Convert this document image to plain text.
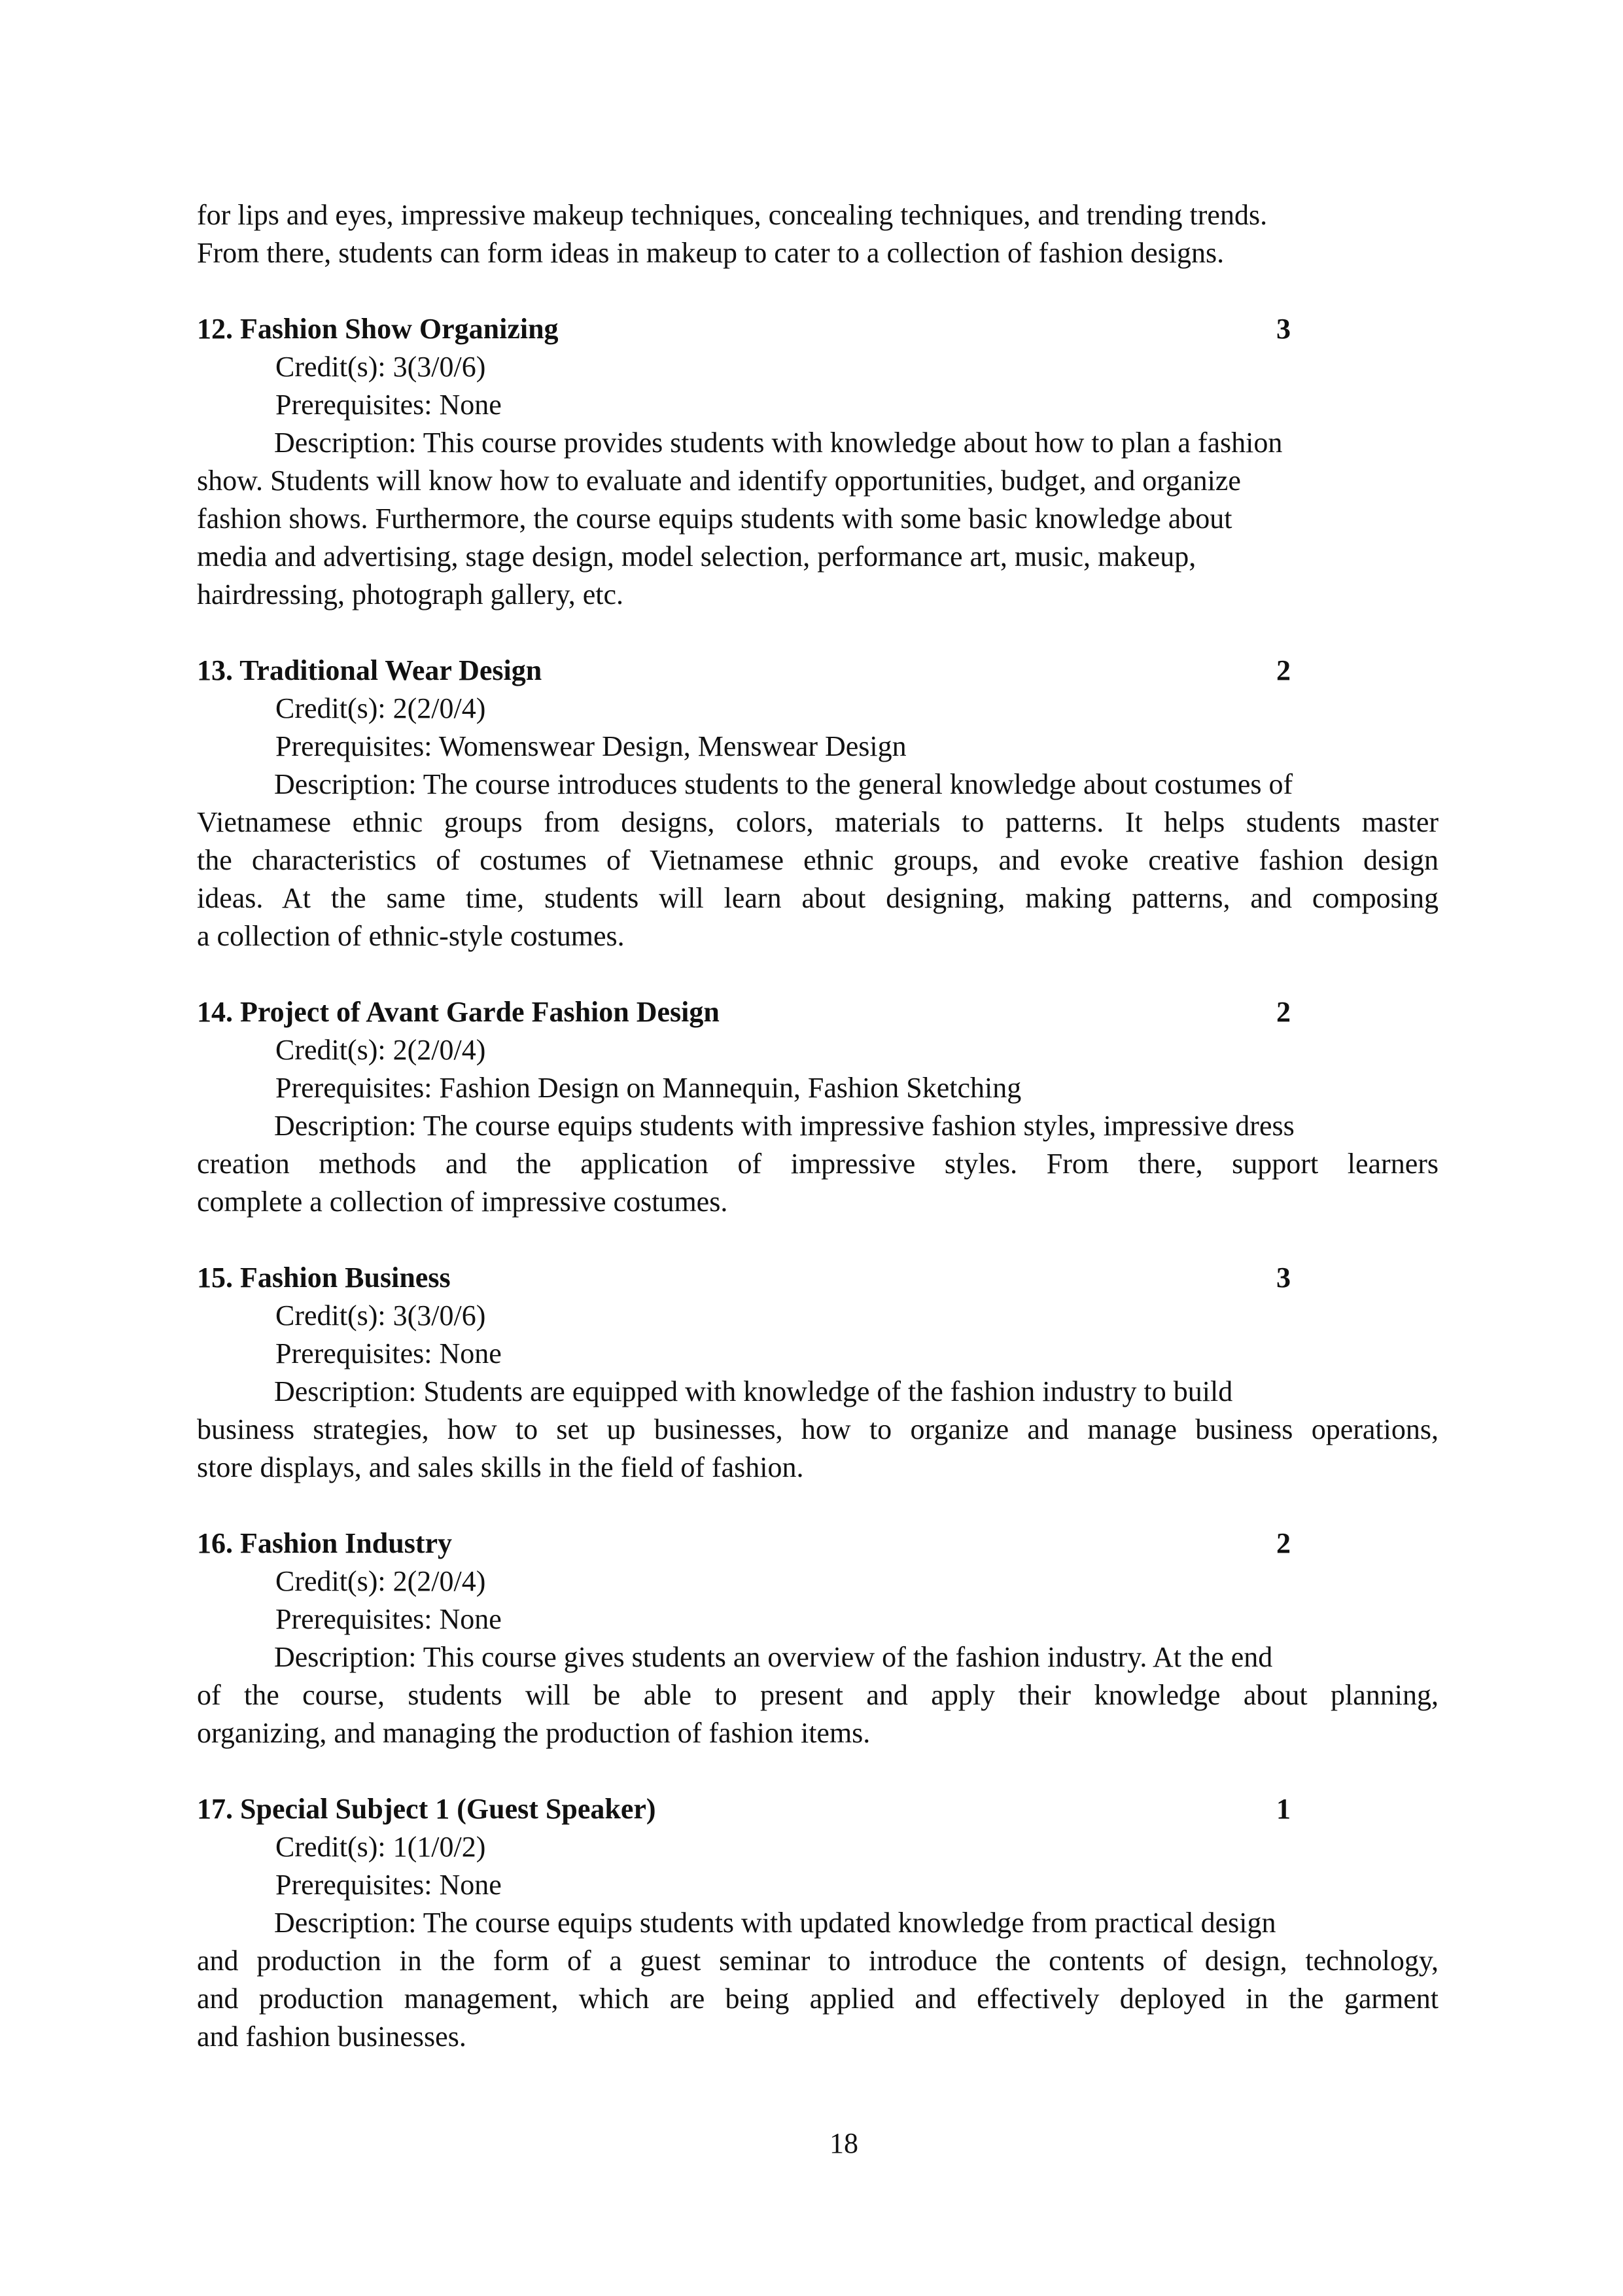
for lips and eyes, impressive makeup techniques, concealing techniques, and trending trends.
From there, students can form ideas in makeup to cater to a collection of fashion designs.
12. Fashion Show Organizing	3
Credit(s): 3(3/0/6)
Prerequisites: None
Description: This course provides students with knowledge about how to plan a fashion
show. Students will know how to evaluate and identify opportunities, budget, and organize
fashion shows. Furthermore, the course equips students with some basic knowledge about
media and advertising, stage design, model selection, performance art, music, makeup,
hairdressing, photograph gallery, etc.
13. Traditional Wear Design	2
Credit(s): 2(2/0/4)
Prerequisites: Womenswear Design, Menswear Design
Description: The course introduces students to the general knowledge about costumes of
Vietnamese ethnic groups from designs, colors, materials to patterns. It helps students master
the characteristics of costumes of Vietnamese ethnic groups, and evoke creative fashion design
ideas. At the same time, students will learn about designing, making patterns, and composing
a collection of ethnic-style costumes.
14. Project of Avant Garde Fashion Design	2
Credit(s): 2(2/0/4)
Prerequisites: Fashion Design on Mannequin, Fashion Sketching
Description: The course equips students with impressive fashion styles, impressive dress
creation methods and the application of impressive styles. From there, support learners
complete a collection of impressive costumes.
15. Fashion Business	3
Credit(s): 3(3/0/6)
Prerequisites: None
Description: Students are equipped with knowledge of the fashion industry to build
business strategies, how to set up businesses, how to organize and manage business operations,
store displays, and sales skills in the field of fashion.
16. Fashion Industry	2
Credit(s): 2(2/0/4)
Prerequisites: None
Description: This course gives students an overview of the fashion industry. At the end
of the course, students will be able to present and apply their knowledge about planning,
organizing, and managing the production of fashion items.
17. Special Subject 1 (Guest Speaker)	1
Credit(s): 1(1/0/2)
Prerequisites: None
Description: The course equips students with updated knowledge from practical design
and production in the form of a guest seminar to introduce the contents of design, technology,
and production management, which are being applied and effectively deployed in the garment
and fashion businesses.
18
